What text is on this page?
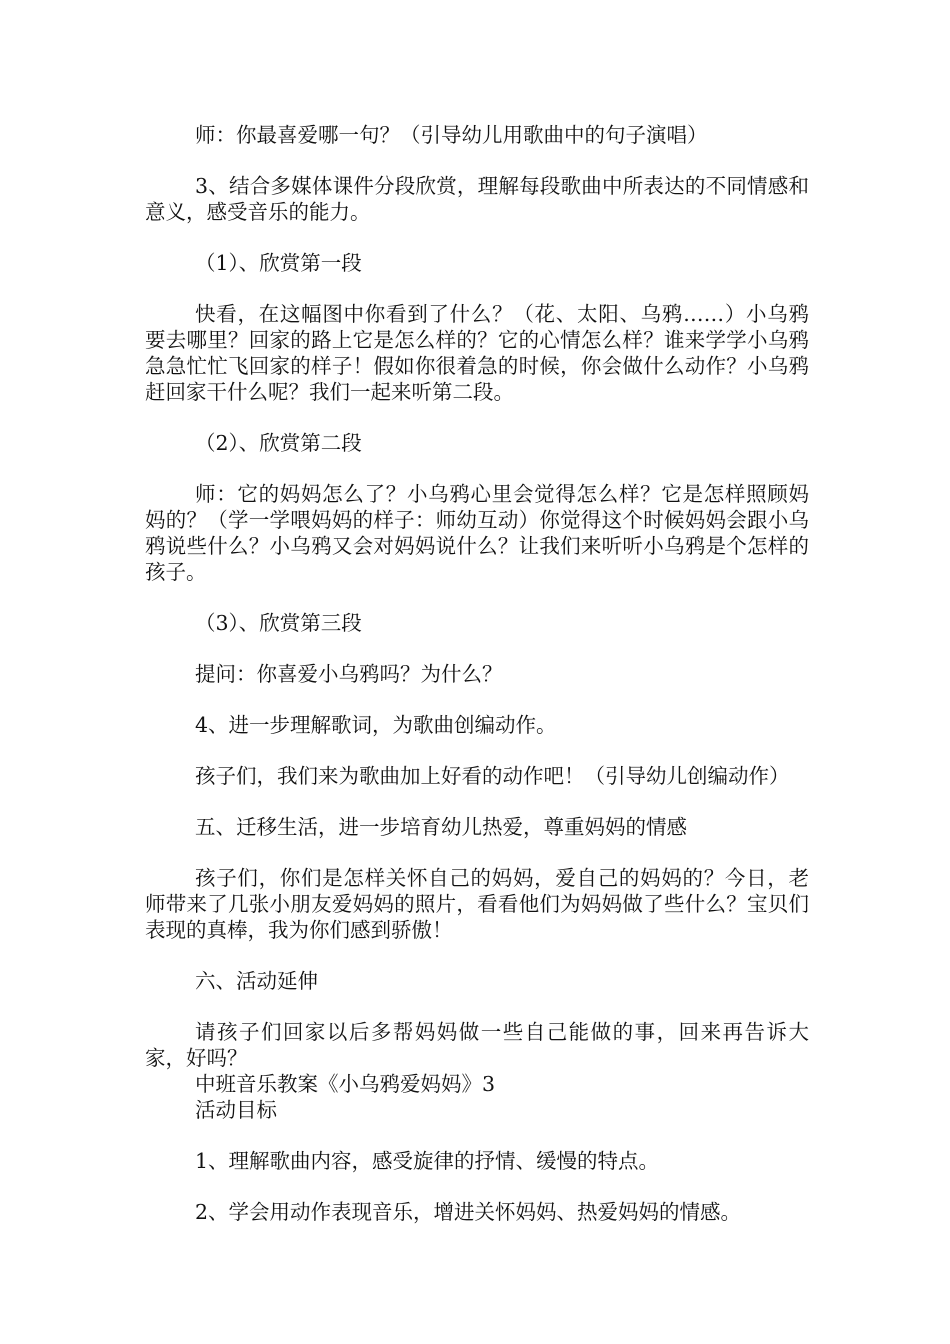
师：你最喜爱哪一句？（引导幼儿用歌曲中的句子演唱）

3、结合多媒体课件分段欣赏，理解每段歌曲中所表达的不同情感和意义，感受音乐的能力。

（1）、欣赏第一段

快看，在这幅图中你看到了什么？（花、太阳、乌鸦……）小乌鸦要去哪里？回家的路上它是怎么样的？它的心情怎么样？谁来学学小乌鸦急急忙忙飞回家的样子！假如你很着急的时候，你会做什么动作？小乌鸦赶回家干什么呢？我们一起来听第二段。

（2）、欣赏第二段

师：它的妈妈怎么了？小乌鸦心里会觉得怎么样？它是怎样照顾妈妈的？（学一学喂妈妈的样子：师幼互动）你觉得这个时候妈妈会跟小乌鸦说些什么？小乌鸦又会对妈妈说什么？让我们来听听小乌鸦是个怎样的孩子。

（3）、欣赏第三段

提问：你喜爱小乌鸦吗？为什么？

4、进一步理解歌词，为歌曲创编动作。

孩子们，我们来为歌曲加上好看的动作吧！（引导幼儿创编动作）

五、迁移生活，进一步培育幼儿热爱，尊重妈妈的情感

孩子们，你们是怎样关怀自己的妈妈，爱自己的妈妈的？今日，老师带来了几张小朋友爱妈妈的照片，看看他们为妈妈做了些什么？宝贝们表现的真棒，我为你们感到骄傲！

六、活动延伸

请孩子们回家以后多帮妈妈做一些自己能做的事，回来再告诉大家，好吗？

中班音乐教案《小乌鸦爱妈妈》3

活动目标

1、理解歌曲内容，感受旋律的抒情、缓慢的特点。

2、学会用动作表现音乐，增进关怀妈妈、热爱妈妈的情感。
